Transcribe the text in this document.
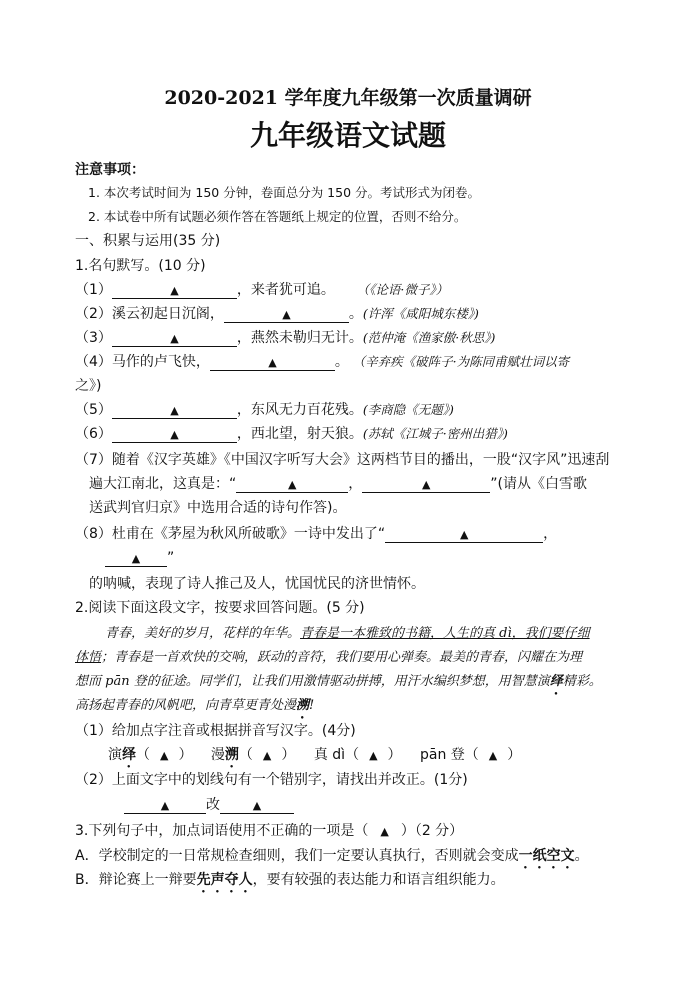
2020-2021 学年度九年级第一次质量调研
九年级语文试题
注意事项：
1. 本次考试时间为 150 分钟，卷面总分为 150 分。考试形式为闭卷。
2. 本试卷中所有试题必须作答在答题纸上规定的位置，否则不给分。
一、积累与运用(35 分)
1.名句默写。(10 分)
（1）	▲	，来者犹可追。 （《论语·微子》）
（2）溪云初起日沉阁，	▲	。(许浑《咸阳城东楼》)
（3）	▲	，燕然未勒归无计。(范仲淹《渔家傲·秋思》)
（4）马作的卢飞快，	▲	。 （辛弃疾《破阵子·为陈同甫赋壮词以寄
之》)
（5）	▲	，东风无力百花残。(李商隐《无题》)
（6）	▲	，西北望，射天狼。(苏轼《江城子·密州出猎》)
（7）随着《汉字英雄》《中国汉字听写大会》这两档节目的播出，一股“汉字风”迅速刮
遍大江南北，这真是：“	▲	，	▲	”(请从《白雪歌
送武判官归京》中选用合适的诗句作答)。
（8）杜甫在《茅屋为秋风所破歌》一诗中发出了“	▲	，
▲ ”
的呐喊，表现了诗人推己及人，忧国忧民的济世情怀。
2.阅读下面这段文字，按要求回答问题。(5 分)
青春，美好的岁月，花样的年华。青春是一本雅致的书籍，人生的真 dì，我们要仔细
体悟；青春是一首欢快的交响，跃动的音符，我们要用心弹奏。最美的青春，闪耀在为理
想而 pān 登的征途。同学们，让我们用激情驱动拼搏，用汗水编织梦想，用智慧演绎精彩。
高扬起青春的风帆吧，向青草更青处漫溯!
（1）给加点字注音或根据拼音写汉字。(4分)
演绎（ ▲ ） 漫溯（ ▲ ） 真 dì（ ▲ ） pān 登（ ▲ ）
（2）上面文字中的划线句有一个错别字，请找出并改正。(1分)
▲	改	▲
3.下列句子中，加点词语使用不正确的一项是（ ▲ ）（2 分）
A．学校制定的一日常规检查细则，我们一定要认真执行，否则就会变成一纸空文。
B．辩论赛上一辩要先声夺人，要有较强的表达能力和语言组织能力。
